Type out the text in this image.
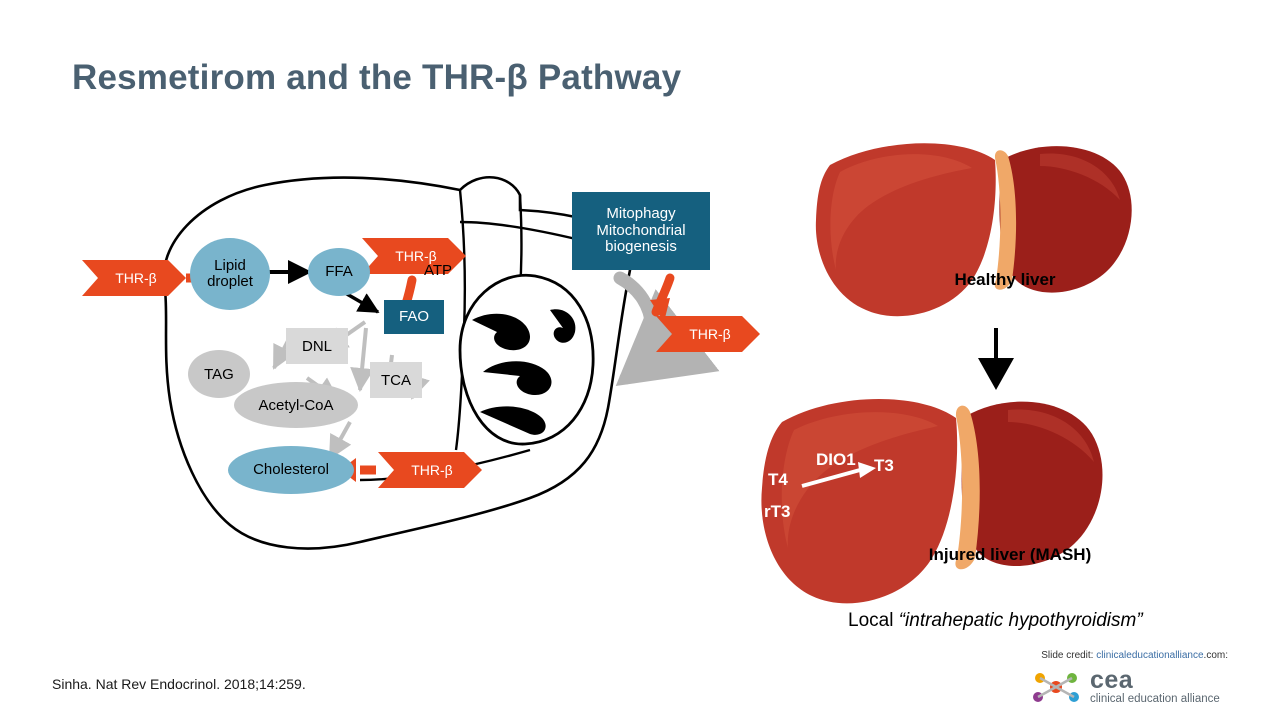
Resmetirom and the THR-β Pathway
Lipid droplet
FFA
TAG
DNL
Acetyl-CoA
TCA
FAO
Cholesterol
ATP
Mitophagy
Mitochondrial
biogenesis
THR-β
THR-β
THR-β
THR-β
Healthy liver
Injured liver (MASH)
DIO1
T4
rT3
T3
Local “intrahepatic hypothyroidism”
Sinha. Nat Rev Endocrinol. 2018;14:259.
Slide credit: clinicaleducationalliance.com:
cea
clinical education alliance
